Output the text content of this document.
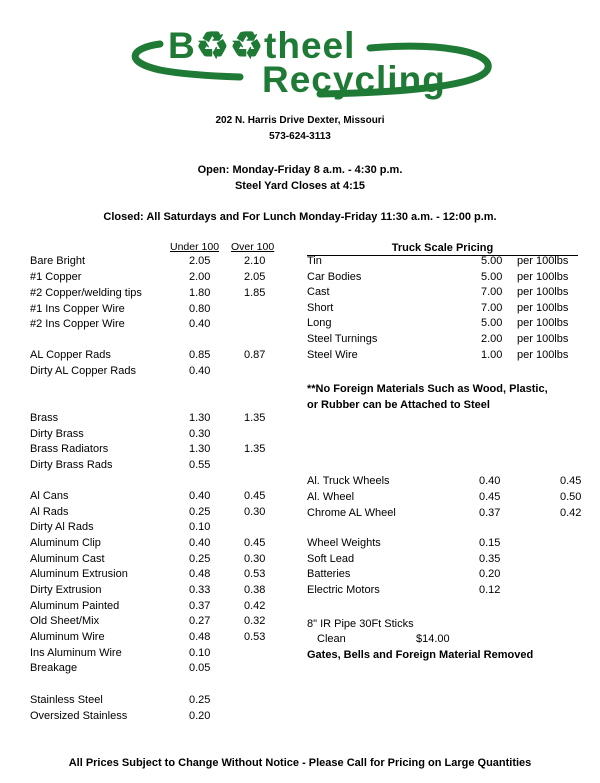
B♻♻theel
Recycling
202 N. Harris Drive Dexter, Missouri
573-624-3113
Open: Monday-Friday 8 a.m. - 4:30 p.m.
Steel Yard Closes at 4:15
Closed: All Saturdays and For Lunch Monday-Friday 11:30 a.m. - 12:00 p.m.
Under 100 Over 100
Bare Bright	2.05	2.10
#1 Copper	2.00	2.05
#2 Copper/welding tips	1.80	1.85
#1 Ins Copper Wire	0.80
#2 Ins Copper Wire	0.40
AL Copper Rads	0.85	0.87
Dirty AL Copper Rads	0.40
Brass	1.30	1.35
Dirty Brass	0.30
Brass Radiators	1.30	1.35
Dirty Brass Rads	0.55
Al Cans	0.40	0.45
Al Rads	0.25	0.30
Dirty Al Rads	0.10
Aluminum Clip	0.40	0.45
Aluminum Cast	0.25	0.30
Aluminum Extrusion	0.48	0.53
Dirty Extrusion	0.33	0.38
Aluminum Painted	0.37	0.42
Old Sheet/Mix	0.27	0.32
Aluminum Wire	0.48	0.53
Ins Aluminum Wire	0.10
Breakage	0.05
Stainless Steel	0.25
Oversized Stainless	0.20
Truck Scale Pricing
Tin	5.00 per 100lbs
Car Bodies	5.00 per 100lbs
Cast	7.00 per 100lbs
Short	7.00 per 100lbs
Long	5.00 per 100lbs
Steel Turnings	2.00 per 100lbs
Steel Wire	1.00 per 100lbs
**No Foreign Materials Such as Wood, Plastic,
or Rubber can be Attached to Steel
Al. Truck Wheels	0.40	0.45
Al. Wheel	0.45	0.50
Chrome AL Wheel	0.37	0.42
Wheel Weights	0.15
Soft Lead	0.35
Batteries	0.20
Electric Motors	0.12
8" IR Pipe 30Ft Sticks
Clean	$14.00
Gates, Bells and Foreign Material Removed
All Prices Subject to Change Without Notice - Please Call for Pricing on Large Quantities
